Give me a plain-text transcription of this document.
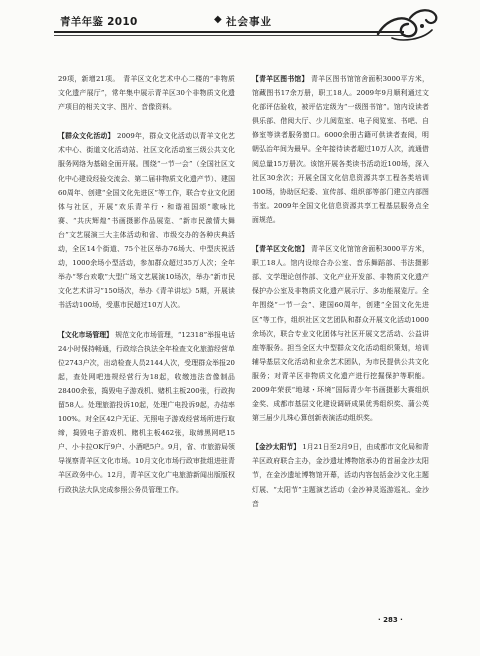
青羊年鉴 2010	◆ 社会事业

29项，新增21项。　青羊区文化艺术中心二楼的“非物质文化遗产展厅”，常年集中展示青羊区30个非物质文化遗产项目的相关文字、图片、音像资料。

【群众文化活动】 2009年，群众文化活动以青羊文化艺术中心、街道文化活动站、社区文化活动室三级公共文化服务网络为基础全面开展。围绕“一节一会”（全国社区文化中心建设经验交流会、第二届非物质文化遗产节）、建国60周年、创建“全国文化先进区”等工作，联合专业文化团体与社区，开展“欢乐青羊行・和谐祖国颂”歌咏比赛、“共庆辉煌”书画摄影作品展览、“新市民激情大舞台”文艺展演三大主体活动和省、市级交办的各种庆典活动，全区14个街道、75个社区举办76场大、中型庆祝活动，1000余场小型活动，参加群众超过35万人次；全年举办“琴台欢歌”大型广场文艺展演10场次，举办“新市民文化艺术讲习”150场次，举办《青羊讲坛》5期，开展读书活动100场，受惠市民超过10万人次。

【文化市场管理】 规范文化市场管理，“12318”举报电话24小时保持畅通，行政综合执法全年检查文化旅游经营单位2743户次，出动检查人员2144人次，受理群众举报20起，查处网吧违规经营行为18起，收缴违法音像制品28400余张，捣毁电子游戏机、赌机主板200张，行政拘留58人。处理旅游投诉10起，处理广电投诉9起，办结率100%。对全区42户无证、无照电子游戏经营场所进行取缔，捣毁电子游戏机、赌机主板462张，取缔黑网吧15户、小卡拉OK厅9户、小酒吧5户。9月，省、市旅游局领导视察青羊区文化市场。10月文化市场行政审批组进驻青羊区政务中心。12月，青羊区文化广电旅游新闻出版版权行政执法大队完成参照公务员管理工作。

【青羊区图书馆】 青羊区图书馆馆舍面积3000平方米，馆藏图书17余万册，职工18人。2009年9月顺利通过文化部评估验收，被评估定级为“一级图书馆”。馆内设读者俱乐部、借阅大厅、少儿阅览室、电子阅览室、书吧、自修室等读者服务窗口。6000余册古籍可供读者查阅，明朝弘治年间为最早。全年接待读者超过10万人次，流通借阅总量15万册次。该馆开展各类读书活动近100场，深入社区30余次；开展全国文化信息资源共享工程各类培训100场，协助区纪委、宣传部、组织部等部门建立内部图书室。2009年全国文化信息资源共享工程基层服务点全面规范。

【青羊区文化馆】 青羊区文化馆馆舍面积3000平方米，职工18人。馆内设综合办公室、音乐舞蹈部、书法摄影部、文学理论创作部、文化产业开发部、非物质文化遗产保护办公室及非物质文化遗产展示厅、多功能展览厅。全年围绕“一节一会”、建国60周年，创建“全国文化先进区”等工作，组织社区文艺团队和群众开展文化活动1000余场次，联合专业文化团体与社区开展文艺活动、公益讲座等服务。担当全区大中型群众文化活动组织策划，培训辅导基层文化活动和业余艺术团队，为市民提供公共文化服务；对青羊区非物质文化遗产进行挖掘保护等职能。2009年荣获“地球・环境”国际青少年书画摄影大赛组织金奖、成都市基层文化建设调研成果优秀组织奖、蒲公英第三届少儿珠心算创新表演活动组织奖。

【金沙太阳节】 1月21日至2月9日，由成都市文化局和青羊区政府联合主办，金沙遗址博物馆承办的首届金沙太阳节，在金沙遗址博物馆开幕，活动内容包括金沙文化主题灯展、“太阳节”主题演艺活动（金沙神灵巡游巡礼、金沙音

· 283 ·
